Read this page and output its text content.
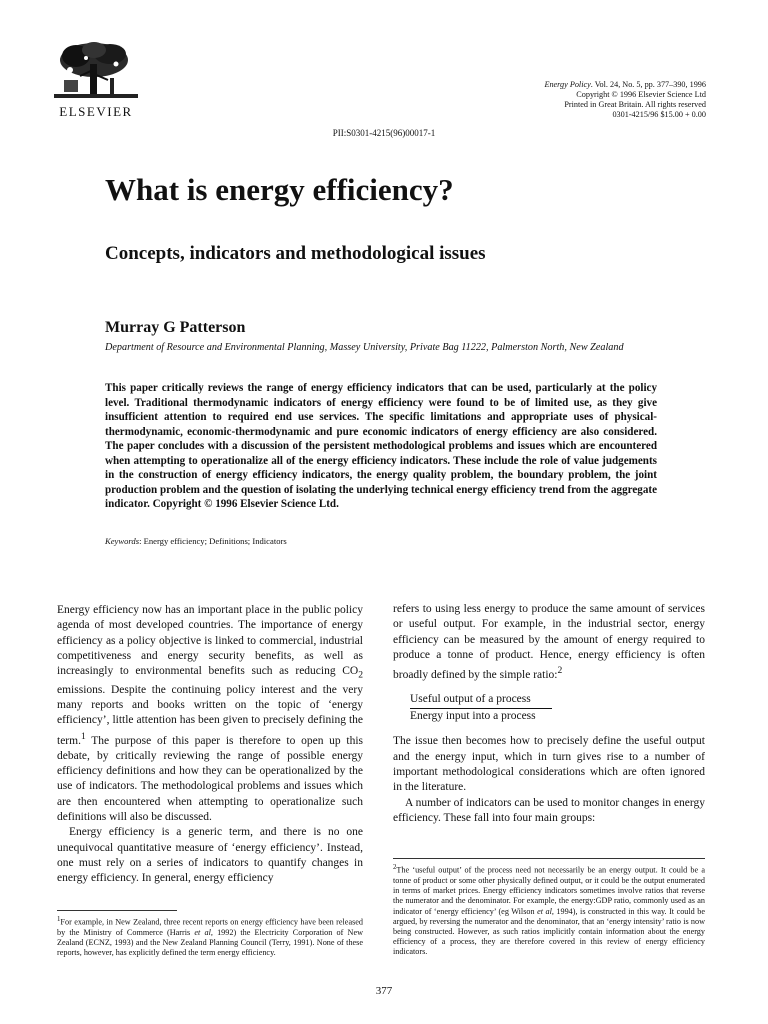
ELSEVIER
Energy Policy. Vol. 24, No. 5, pp. 377–390, 1996
Copyright © 1996 Elsevier Science Ltd
Printed in Great Britain. All rights reserved
0301-4215/96 $15.00 + 0.00
PII:S0301-4215(96)00017-1
What is energy efficiency?
Concepts, indicators and methodological issues
Murray G Patterson
Department of Resource and Environmental Planning, Massey University, Private Bag 11222, Palmerston North, New Zealand
This paper critically reviews the range of energy efficiency indicators that can be used, particularly at the policy level. Traditional thermodynamic indicators of energy efficiency were found to be of limited use, as they give insufficient attention to required end use services. The specific limitations and appropriate uses of physical-thermodynamic, economic-thermodynamic and pure economic indicators of energy efficiency are also considered. The paper concludes with a discussion of the persistent methodological problems and issues which are encountered when attempting to operationalize all of the energy efficiency indicators. These include the role of value judgements in the construction of energy efficiency indicators, the energy quality problem, the boundary problem, the joint production problem and the question of isolating the underlying technical energy efficiency trend from the aggregate indicator. Copyright © 1996 Elsevier Science Ltd.
Keywords: Energy efficiency; Definitions; Indicators

Energy efficiency now has an important place in the public policy agenda of most developed countries. The importance of energy efficiency as a policy objective is linked to commercial, industrial competitiveness and energy security benefits, as well as increasingly to environmental benefits such as reducing $CO_2$ emissions. Despite the continuing policy interest and the very many reports and books written on the topic of ‘energy efficiency’, little attention has been given to precisely defining the term.$^1$ The purpose of this paper is therefore to open up this debate, by critically reviewing the range of possible energy efficiency definitions and how they can be operationalized by the use of indicators. The methodological problems and issues which are then encountered when attempting to operationalize such definitions will also be discussed.

Energy efficiency is a generic term, and there is no one unequivocal quantitative measure of ‘energy efficiency’. Instead, one must rely on a series of indicators to quantify changes in energy efficiency. In general, energy efficiency

refers to using less energy to produce the same amount of services or useful output. For example, in the industrial sector, energy efficiency can be measured by the amount of energy required to produce a tonne of product. Hence, energy efficiency is often broadly defined by the simple ratio:$^2$

Useful output of a process
Energy input into a process

The issue then becomes how to precisely define the useful output and the energy input, which in turn gives rise to a number of important methodological considerations which are often ignored in the literature.

A number of indicators can be used to monitor changes in energy efficiency. These fall into four main groups:

$^1$For example, in New Zealand, three recent reports on energy efficiency have been released by the Ministry of Commerce (Harris et al, 1992) the Electricity Corporation of New Zealand (ECNZ, 1993) and the New Zealand Planning Council (Terry, 1991). None of these reports, however, has explicitly defined the term energy efficiency.
$^2$The ‘useful output’ of the process need not necessarily be an energy output. It could be a tonne of product or some other physically defined output, or it could be the output enumerated in terms of market prices. Energy efficiency indicators sometimes involve ratios that reverse the numerator and the denominator. For example, the energy:GDP ratio, commonly used as an indicator of ‘energy efficiency’ (eg Wilson et al, 1994), is constructed in this way. It could be argued, by reversing the numerator and the denominator, that an ‘energy intensity’ ratio is now being constructed. However, as such ratios implicitly contain information about the energy efficiency of a process, they are therefore covered in this review of energy efficiency indicators.
377
